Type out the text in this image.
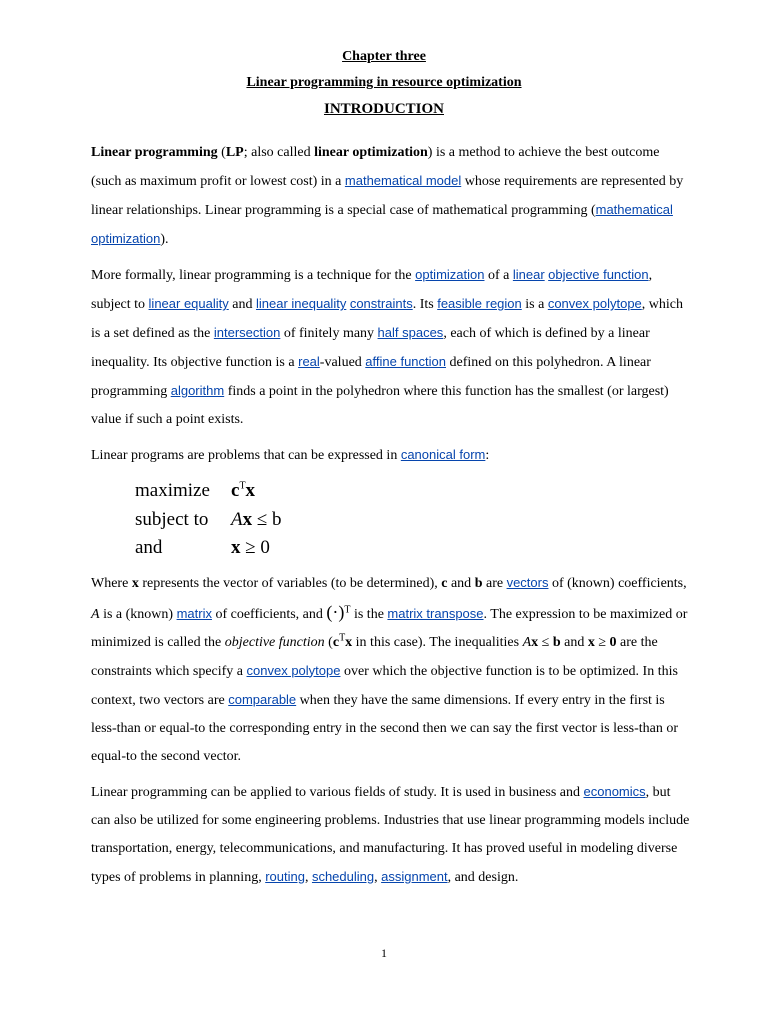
Chapter three
Linear programming in resource optimization
INTRODUCTION

Linear programming (LP; also called linear optimization) is a method to achieve the best outcome (such as maximum profit or lowest cost) in a mathematical model whose requirements are represented by linear relationships. Linear programming is a special case of mathematical programming (mathematical optimization).

More formally, linear programming is a technique for the optimization of a linear objective function, subject to linear equality and linear inequality constraints. Its feasible region is a convex polytope, which is a set defined as the intersection of finitely many half spaces, each of which is defined by a linear inequality. Its objective function is a real-valued affine function defined on this polyhedron. A linear programming algorithm finds a point in the polyhedron where this function has the smallest (or largest) value if such a point exists.

Linear programs are problems that can be expressed in canonical form:

maximize	$c^Tx$
subject to	Ax ≤ b
and	x ≥ 0

Where x represents the vector of variables (to be determined), c and b are vectors of (known) coefficients, A is a (known) matrix of coefficients, and $(\cdot)^T$ is the matrix transpose. The expression to be maximized or minimized is called the objective function ($c^Tx$ in this case). The inequalities Ax ≤ b and x ≥ 0 are the constraints which specify a convex polytope over which the objective function is to be optimized. In this context, two vectors are comparable when they have the same dimensions. If every entry in the first is less-than or equal-to the corresponding entry in the second then we can say the first vector is less-than or equal-to the second vector.

Linear programming can be applied to various fields of study. It is used in business and economics, but can also be utilized for some engineering problems. Industries that use linear programming models include transportation, energy, telecommunications, and manufacturing. It has proved useful in modeling diverse types of problems in planning, routing, scheduling, assignment, and design.

1
